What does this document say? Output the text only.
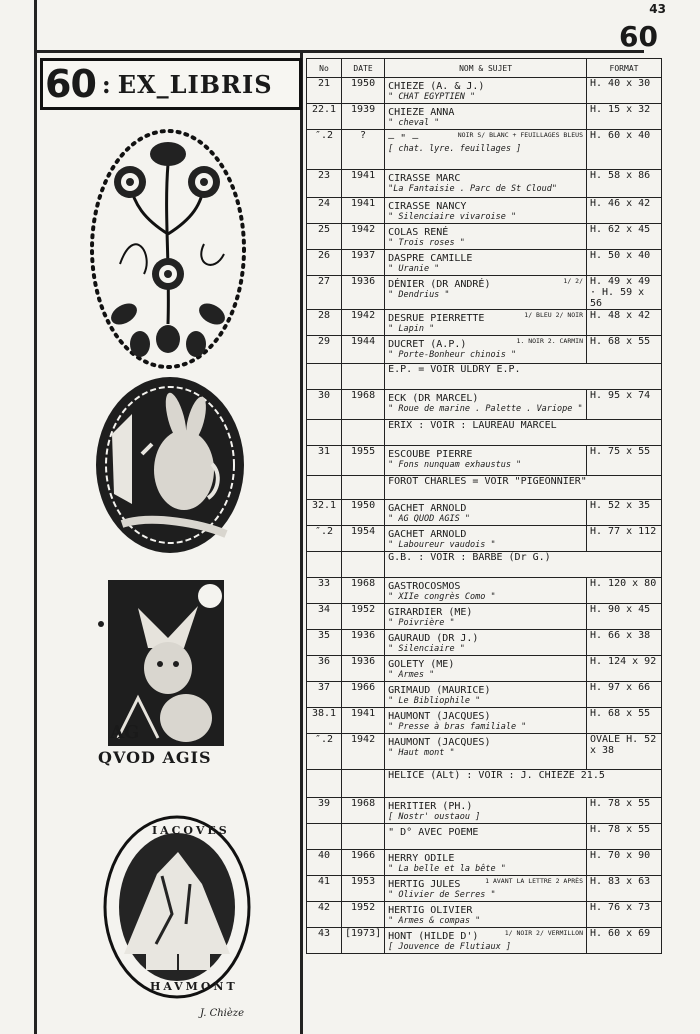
43
60
60 : EX_LIBRIS
AG
QVOD AGIS
IACOVES
HAVMONT
J. Chièze
No	DATE	NOM & SUJET	FORMAT
21	1950	CHIEZE (A. & J.)
" CHAT EGYPTIEN "	H. 40 x 30
22.1	1939	CHIEZE ANNA
" cheval "	H. 15 x 32
″.2	?	NOIR S/ BLANC + FEUILLAGES BLEUS
— " —
[ chat. lyre. feuillages ]	H. 60 x 40
23	1941	CIRASSE MARC
"La Fantaisie . Parc de St Cloud"	H. 58 x 86
24	1941	CIRASSE NANCY
" Silenciaire vivaroise "	H. 46 x 42
25	1942	COLAS RENÉ
" Trois roses "	H. 62 x 45
26	1937	DASPRE CAMILLE
" Uranie "	H. 50 x 40
27	1936	1/ 2/
DÉNIER (DR ANDRÉ)
" Dendrius "	H. 49 x 49 · H. 59 x 56
28	1942	1/ BLEU 2/ NOIR
DESRUE PIERRETTE
" Lapin "	H. 48 x 42
29	1944	1. NOIR 2. CARMIN
DUCRET (A.P.)
" Porte-Bonheur chinois "	H. 68 x 55
		E.P. = VOIR ULDRY E.P.	
30	1968	ECK (DR MARCEL)
" Roue de marine . Palette . Variope "	H. 95 x 74
		ERIX : VOIR : LAUREAU MARCEL	
31	1955	ESCOUBE PIERRE
" Fons nunquam exhaustus "	H. 75 x 55
		FOROT CHARLES = VOIR "PIGEONNIER"	
32.1	1950	GACHET ARNOLD
" AG QUOD AGIS "	H. 52 x 35
″.2	1954	GACHET ARNOLD
" Laboureur vaudois "	H. 77 x 112
		G.B. : VOIR : BARBE (Dr G.)	
33	1968	GASTROCOSMOS
" XIIe congrès Como "	H. 120 x 80
34	1952	GIRARDIER (ME)
" Poivrière "	H. 90 x 45
35	1936	GAURAUD (DR J.)
" Silenciaire "	H. 66 x 38
36	1936	GOLETY (ME)
" Armes "	H. 124 x 92
37	1966	GRIMAUD (MAURICE)
" Le Bibliophile "	H. 97 x 66
38.1	1941	HAUMONT (JACQUES)
" Presse à bras familiale "	H. 68 x 55
″.2	1942	HAUMONT (JACQUES)
" Haut mont "	OVALE H. 52 x 38
		HELICE (ALt) : VOIR : J. CHIEZE 21.5	
39	1968	HERITIER (PH.)
[ Nostr' oustaou ]	H. 78 x 55

		" D° AVEC POEME	H. 78 x 55
40	1966	HERRY ODILE
" La belle et la bête "	H. 70 x 90
41	1953	1 AVANT LA LETTRE 2 APRÈS
HERTIG JULES
" Olivier de Serres "	H. 83 x 63
42	1952	HERTIG OLIVIER
" Armes & compas "	H. 76 x 73
43	[1973]	1/ NOIR 2/ VERMILLON
HONT (HILDE D')
[ Jouvence de Flutiaux ]	H. 60 x 69
